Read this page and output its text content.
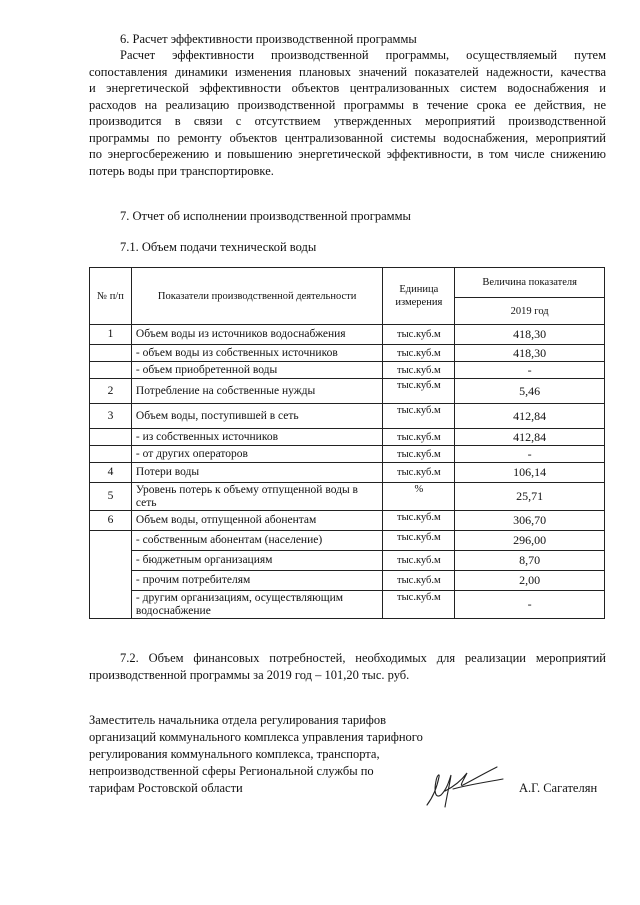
6. Расчет эффективности производственной программы

Расчет эффективности производственной программы, осуществляемый путем

сопоставления динамики изменения плановых значений показателей надежности, качества

и энергетической эффективности объектов централизованных систем водоснабжения и

расходов на реализацию производственной программы в течение срока ее действия, не

производится в связи с отсутствием утвержденных мероприятий производственной

программы по ремонту объектов централизованной системы водоснабжения, мероприятий

по энергосбережению и повышению энергетической эффективности, в том числе снижению

потерь воды при транспортировке.

7. Отчет об исполнении производственной программы

7.1. Объем подачи технической воды

№ п/п	Показатели производственной деятельности	Единица измерения	Величина показателя
			2019 год
1	Объем воды из источников водоснабжения	тыс.куб.м	418,30
	- объем воды из собственных источников	тыс.куб.м	418,30
	- объем приобретенной воды	тыс.куб.м	-
2	Потребление на собственные нужды	тыс.куб.м	5,46
3	Объем воды, поступившей в сеть	тыс.куб.м	412,84
	- из собственных источников	тыс.куб.м	412,84
	- от других операторов	тыс.куб.м	-
4	Потери воды	тыс.куб.м	106,14
5	Уровень потерь к объему отпущенной воды в сеть	%	25,71
6	Объем воды, отпущенной абонентам	тыс.куб.м	306,70
	- собственным абонентам (население)	тыс.куб.м	296,00
	- бюджетным организациям	тыс.куб.м	8,70
	- прочим потребителям	тыс.куб.м	2,00
	- другим организациям, осуществляющим водоснабжение	тыс.куб.м	-

7.2. Объем финансовых потребностей, необходимых для реализации мероприятий

производственной программы за 2019 год – 101,20 тыс. руб.

Заместитель начальника отдела регулирования тарифов

организаций коммунального комплекса управления тарифного

регулирования коммунального комплекса, транспорта,

непроизводственной сферы Региональной службы по

тарифам Ростовской области	А.Г. Сагателян
